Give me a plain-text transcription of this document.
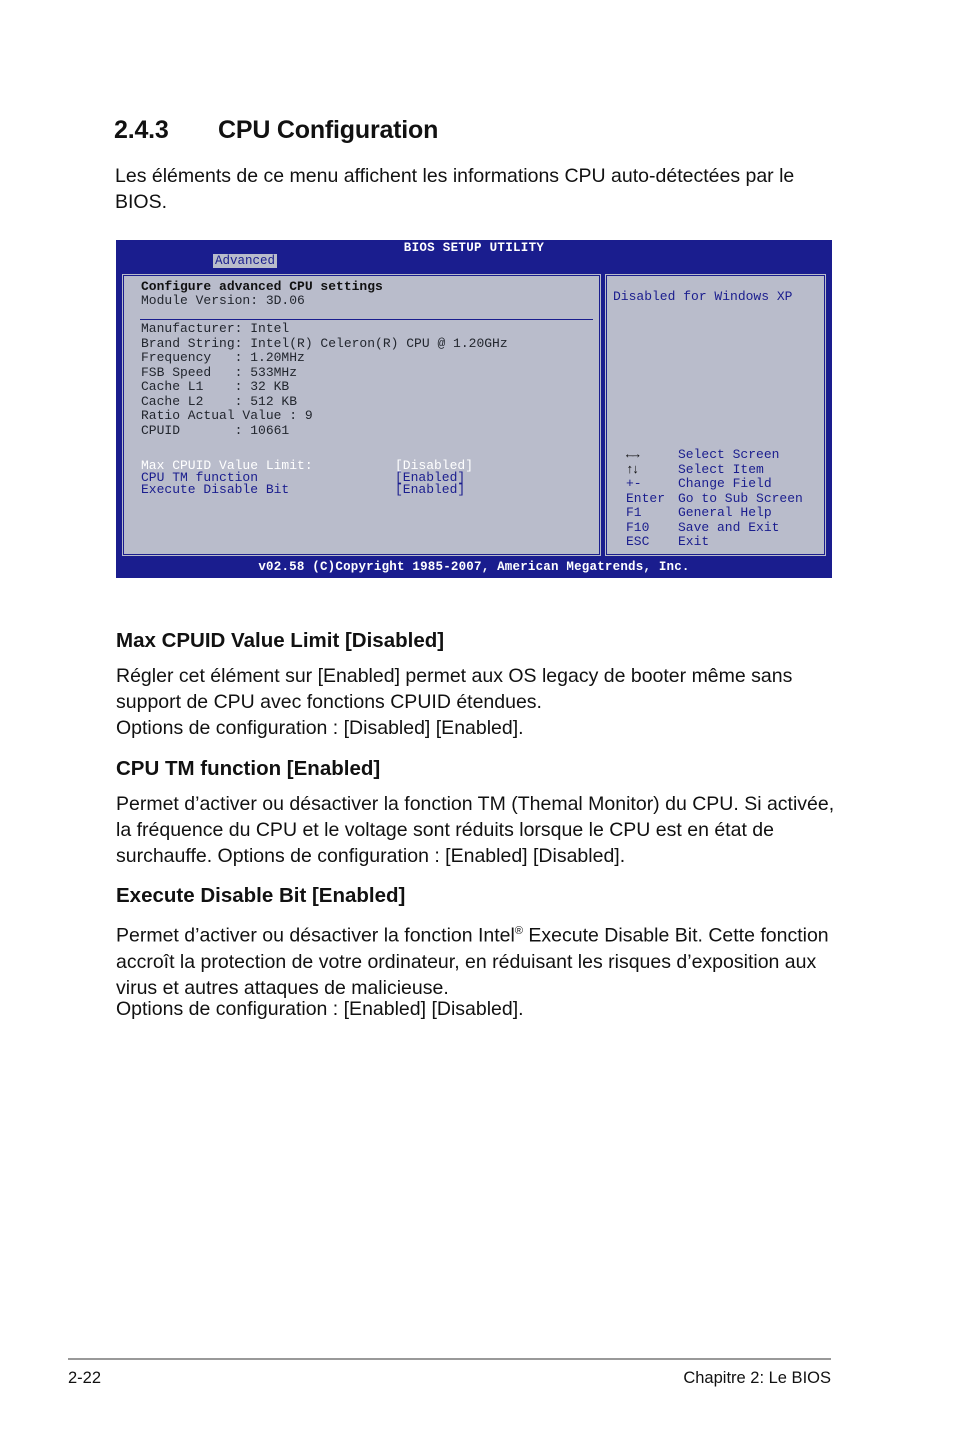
2.4.3 CPU Configuration

Les éléments de ce menu affichent les informations CPU auto-détectées par le BIOS.

BIOS SETUP UTILITY
Advanced
Configure advanced CPU settings
Module Version: 3D.06
Manufacturer: Intel
Brand String: Intel(R) Celeron(R) CPU @ 1.20GHz
Frequency   : 1.20MHz
FSB Speed   : 533MHz
Cache L1    : 32 KB
Cache L2    : 512 KB
Ratio Actual Value : 9
CPUID       : 10661
Max CPUID Value Limit:	[Disabled]
CPU TM function	[Enabled]
Execute Disable Bit	[Enabled]
Disabled for Windows XP
←→	Select Screen
↑↓	Select Item
+-	Change Field
Enter Go to Sub Screen
F1	General Help
F10	Save and Exit
ESC	Exit
v02.58 (C)Copyright 1985-2007, American Megatrends, Inc.
Max CPUID Value Limit [Disabled]

Régler cet élément sur [Enabled] permet aux OS legacy de booter même sans support de CPU avec fonctions CPUID étendues.

Options de configuration : [Disabled] [Enabled].

CPU TM function [Enabled]

Permet d’activer ou désactiver la fonction TM (Themal Monitor) du CPU. Si activée, la fréquence du CPU et le voltage sont réduits lorsque le CPU est en état de surchauffe. Options de configuration : [Enabled] [Disabled].

Execute Disable Bit [Enabled]

Permet d’activer ou désactiver la fonction Intel® Execute Disable Bit. Cette fonction accroît la protection de votre ordinateur, en réduisant les risques d’exposition aux virus et autres attaques de malicieuse.

Options de configuration : [Enabled] [Disabled].

2-22	Chapitre 2: Le BIOS
